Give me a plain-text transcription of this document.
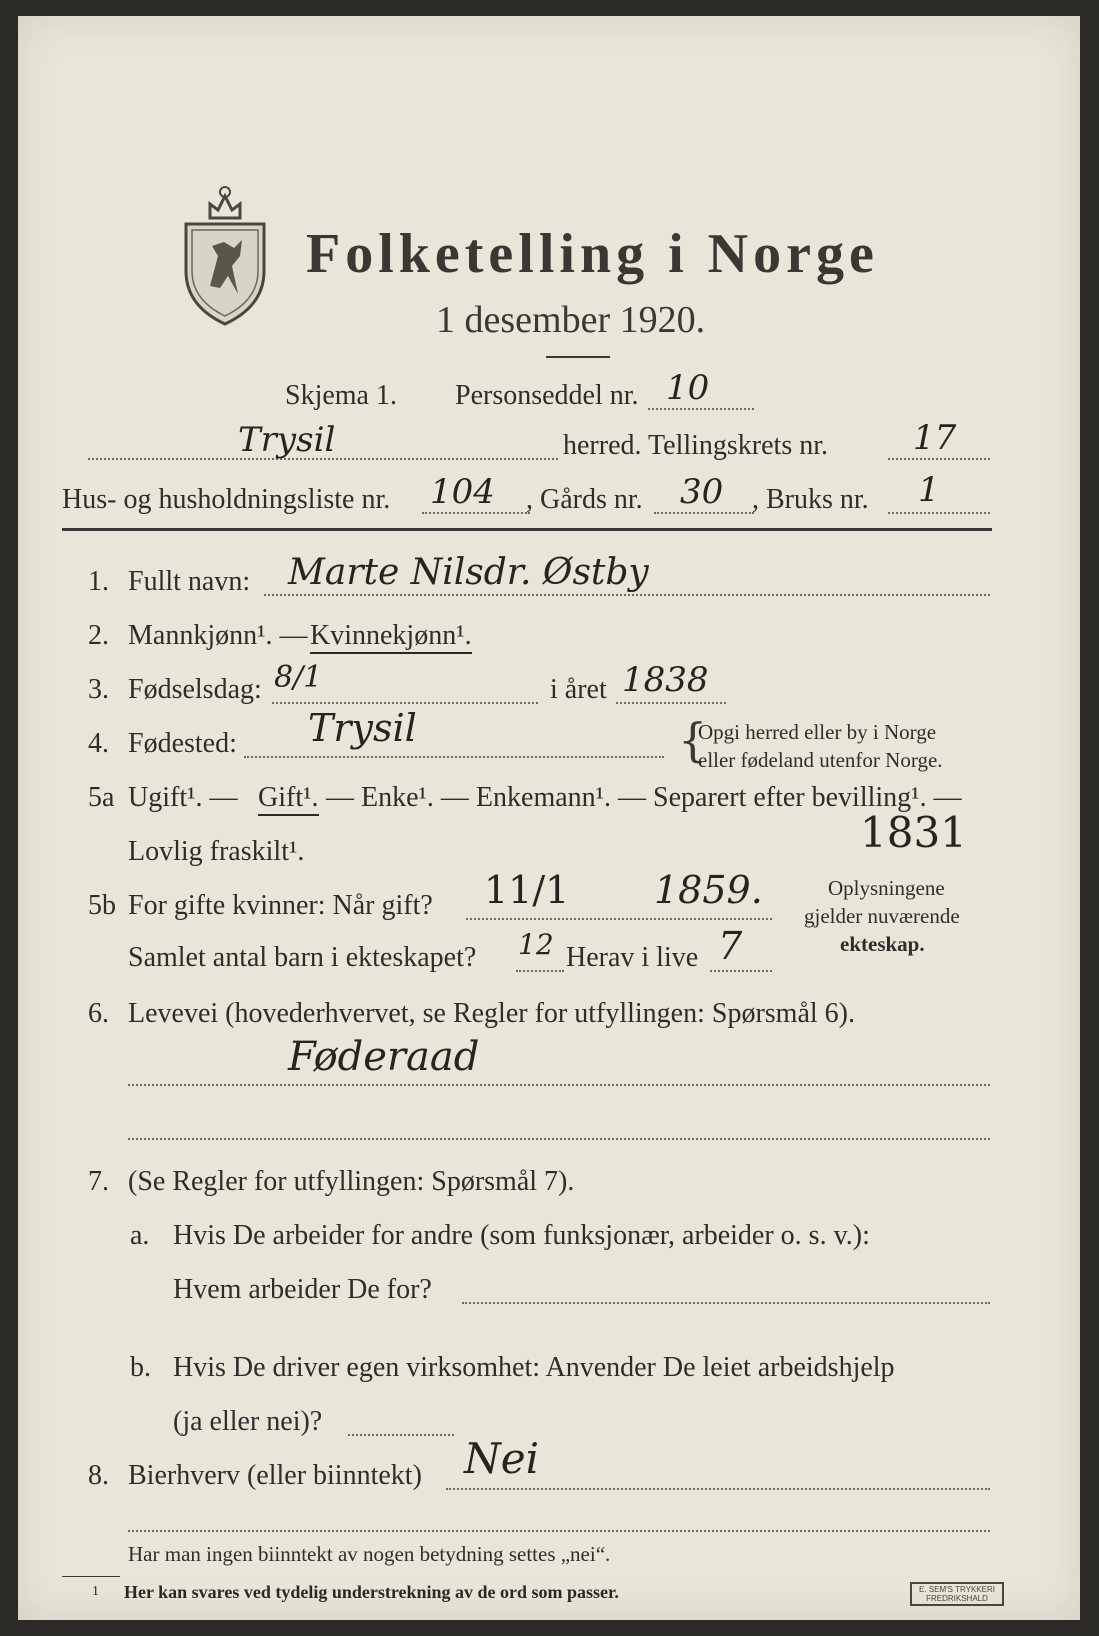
Folketelling i Norge
1 desember 1920.
Skjema 1. Personseddel nr. 10
Trysil	herred. Tellingskrets nr. 17
Hus- og husholdningsliste nr. 104 , Gårds nr. 30 , Bruks nr. 1
1. Fullt navn: Marte Nilsdr. Østby
2. Mannkjønn¹. — Kvinnekjønn¹.
3. Fødselsdag: 8/1	i året 1838
4. Fødested: Trysil	{
Opgi herred eller by i Norge
eller fødeland utenfor Norge.
5a Ugift¹. — Gift¹. — Enke¹. — Enkemann¹. — Separert efter bevilling¹. —
Lovlig fraskilt¹.	1831
5b For gifte kvinner: Når gift? 11/1 1859.
Samlet antal barn i ekteskapet? 12 Herav i live 7
Oplysningene
gjelder nuværende
ekteskap.
6. Levevei (hovederhvervet, se Regler for utfyllingen: Spørsmål 6).
Føderaad
7. (Se Regler for utfyllingen: Spørsmål 7).
a. Hvis De arbeider for andre (som funksjonær, arbeider o. s. v.):
Hvem arbeider De for?
b. Hvis De driver egen virksomhet: Anvender De leiet arbeidshjelp
(ja eller nei)?
8. Bierhverv (eller biinntekt) Nei
Har man ingen biinntekt av nogen betydning settes „nei“.
1 Her kan svares ved tydelig understrekning av de ord som passer.	E. SEM'S TRYKKERI
FREDRIKSHALD
